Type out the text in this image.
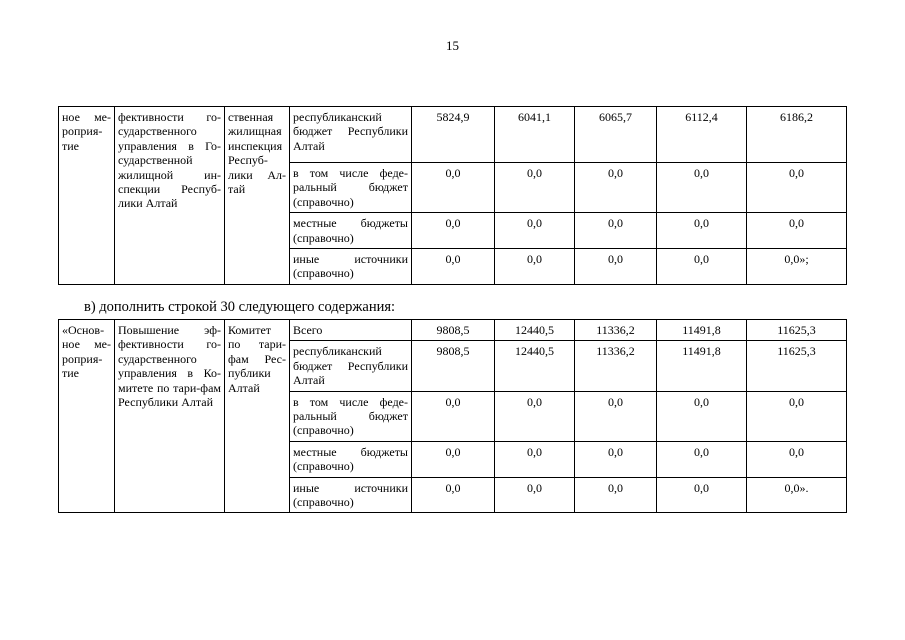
15
ное ме-роприя-тие	фективности го-сударственного управления в Го-сударственной жилищной ин-спекции Респуб-лики Алтай	ственная жилищная инспекция Респуб-лики Ал-тай	республиканский бюджет Республики Алтай	5824,9	6041,1	6065,7	6112,4	6186,2
			в том числе феде-ральный бюджет (справочно)	0,0	0,0	0,0	0,0	0,0
			местные бюджеты (справочно)	0,0	0,0	0,0	0,0	0,0
			иные источники (справочно)	0,0	0,0	0,0	0,0	0,0»;
в) дополнить строкой 30 следующего содержания:
«Основ-ное ме-роприя-тие	Повышение эф-фективности го-сударственного управления в Ко-митете по тари-фам Республики Алтай	Комитет по тари-фам Рес-публики Алтай	Всего	9808,5	12440,5	11336,2	11491,8	11625,3
			республиканский бюджет Республики Алтай	9808,5	12440,5	11336,2	11491,8	11625,3
			в том числе феде-ральный бюджет (справочно)	0,0	0,0	0,0	0,0	0,0
			местные бюджеты (справочно)	0,0	0,0	0,0	0,0	0,0
			иные источники (справочно)	0,0	0,0	0,0	0,0	0,0».
